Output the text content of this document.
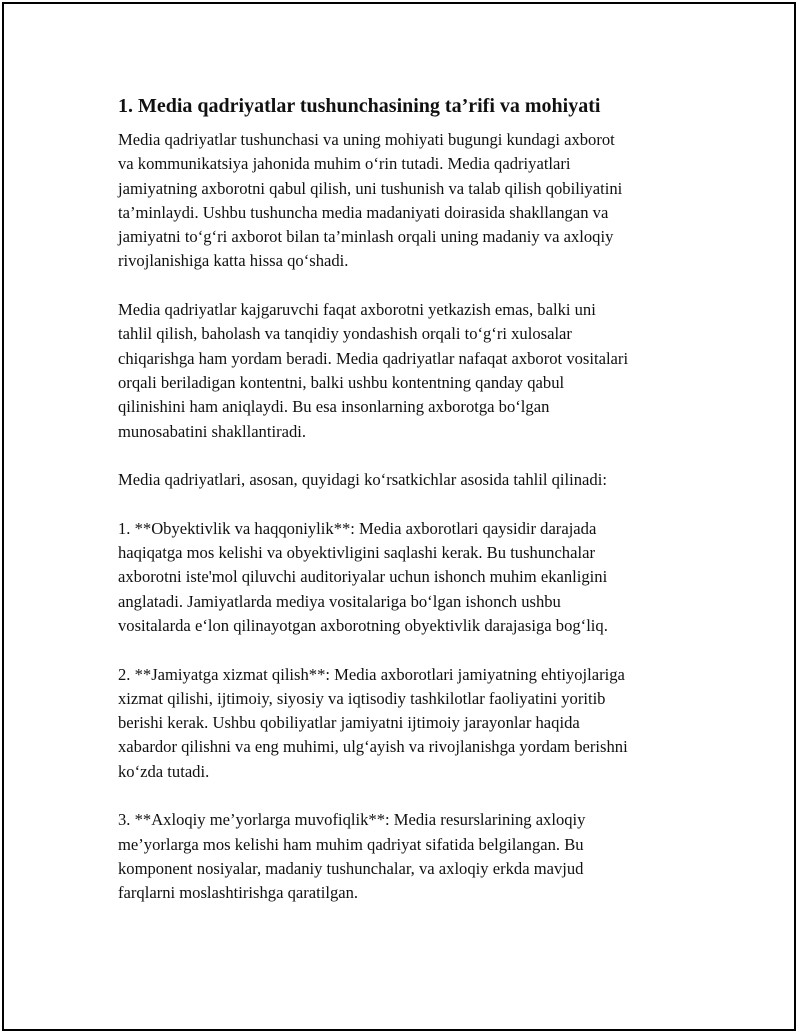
1. Media qadriyatlar tushunchasining ta’rifi va mohiyati

Media qadriyatlar tushunchasi va uning mohiyati bugungi kundagi axborot
va kommunikatsiya jahonida muhim o‘rin tutadi. Media qadriyatlari
jamiyatning axborotni qabul qilish, uni tushunish va talab qilish qobiliyatini
ta’minlaydi. Ushbu tushuncha media madaniyati doirasida shakllangan va
jamiyatni to‘g‘ri axborot bilan ta’minlash orqali uning madaniy va axloqiy
rivojlanishiga katta hissa qo‘shadi.

Media qadriyatlar kajgaruvchi faqat axborotni yetkazish emas, balki uni
tahlil qilish, baholash va tanqidiy yondashish orqali to‘g‘ri xulosalar
chiqarishga ham yordam beradi. Media qadriyatlar nafaqat axborot vositalari
orqali beriladigan kontentni, balki ushbu kontentning qanday qabul
qilinishini ham aniqlaydi. Bu esa insonlarning axborotga bo‘lgan
munosabatini shakllantiradi.

Media qadriyatlari, asosan, quyidagi ko‘rsatkichlar asosida tahlil qilinadi:

1. **Obyektivlik va haqqoniylik**: Media axborotlari qaysidir darajada
haqiqatga mos kelishi va obyektivligini saqlashi kerak. Bu tushunchalar
axborotni iste'mol qiluvchi auditoriyalar uchun ishonch muhim ekanligini
anglatadi. Jamiyatlarda mediya vositalariga bo‘lgan ishonch ushbu
vositalarda e‘lon qilinayotgan axborotning obyektivlik darajasiga bog‘liq.

2. **Jamiyatga xizmat qilish**: Media axborotlari jamiyatning ehtiyojlariga
xizmat qilishi, ijtimoiy, siyosiy va iqtisodiy tashkilotlar faoliyatini yoritib
berishi kerak. Ushbu qobiliyatlar jamiyatni ijtimoiy jarayonlar haqida
xabardor qilishni va eng muhimi, ulg‘ayish va rivojlanishga yordam berishni
ko‘zda tutadi.

3. **Axloqiy me’yorlarga muvofiqlik**: Media resurslarining axloqiy
me’yorlarga mos kelishi ham muhim qadriyat sifatida belgilangan. Bu
komponent nosiyalar, madaniy tushunchalar, va axloqiy erkda mavjud
farqlarni moslashtirishga qaratilgan.
